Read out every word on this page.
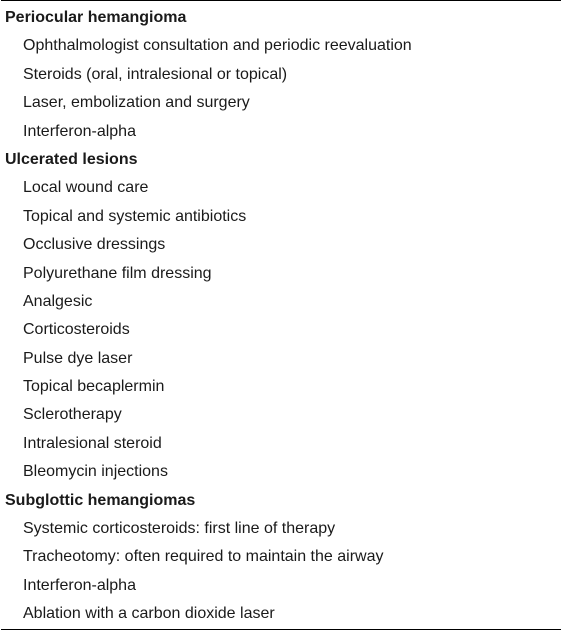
Periocular hemangioma
Ophthalmologist consultation and periodic reevaluation
Steroids (oral, intralesional or topical)
Laser, embolization and surgery
Interferon-alpha
Ulcerated lesions
Local wound care
Topical and systemic antibiotics
Occlusive dressings
Polyurethane film dressing
Analgesic
Corticosteroids
Pulse dye laser
Topical becaplermin
Sclerotherapy
Intralesional steroid
Bleomycin injections
Subglottic hemangiomas
Systemic corticosteroids: first line of therapy
Tracheotomy: often required to maintain the airway
Interferon-alpha
Ablation with a carbon dioxide laser
